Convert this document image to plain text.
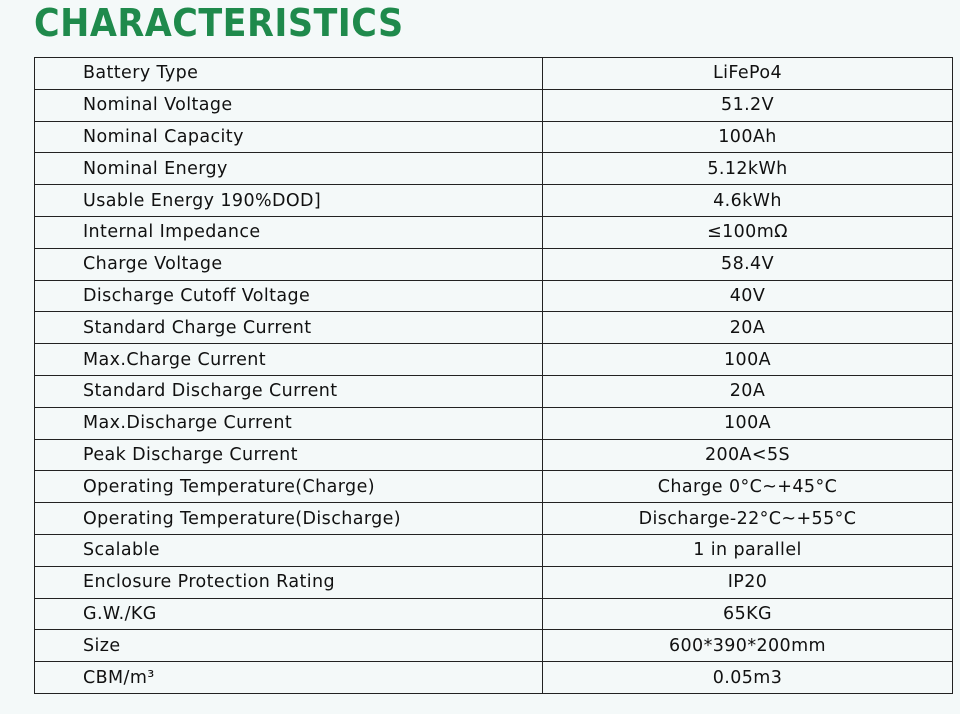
CHARACTERISTICS
Battery Type	LiFePo4
Nominal Voltage	51.2V
Nominal Capacity	100Ah
Nominal Energy	5.12kWh
Usable Energy 190%DOD]	4.6kWh
Internal Impedance	≤100mΩ
Charge Voltage	58.4V
Discharge Cutoff Voltage	40V
Standard Charge Current	20A
Max.Charge Current	100A
Standard Discharge Current	20A
Max.Discharge Current	100A
Peak Discharge Current	200A<5S
Operating Temperature(Charge)	Charge 0°C~+45°C
Operating Temperature(Discharge)	Discharge-22°C~+55°C
Scalable	1 in parallel
Enclosure Protection Rating	IP20
G.W./KG	65KG
Size	600*390*200mm
CBM/m³	0.05m3
